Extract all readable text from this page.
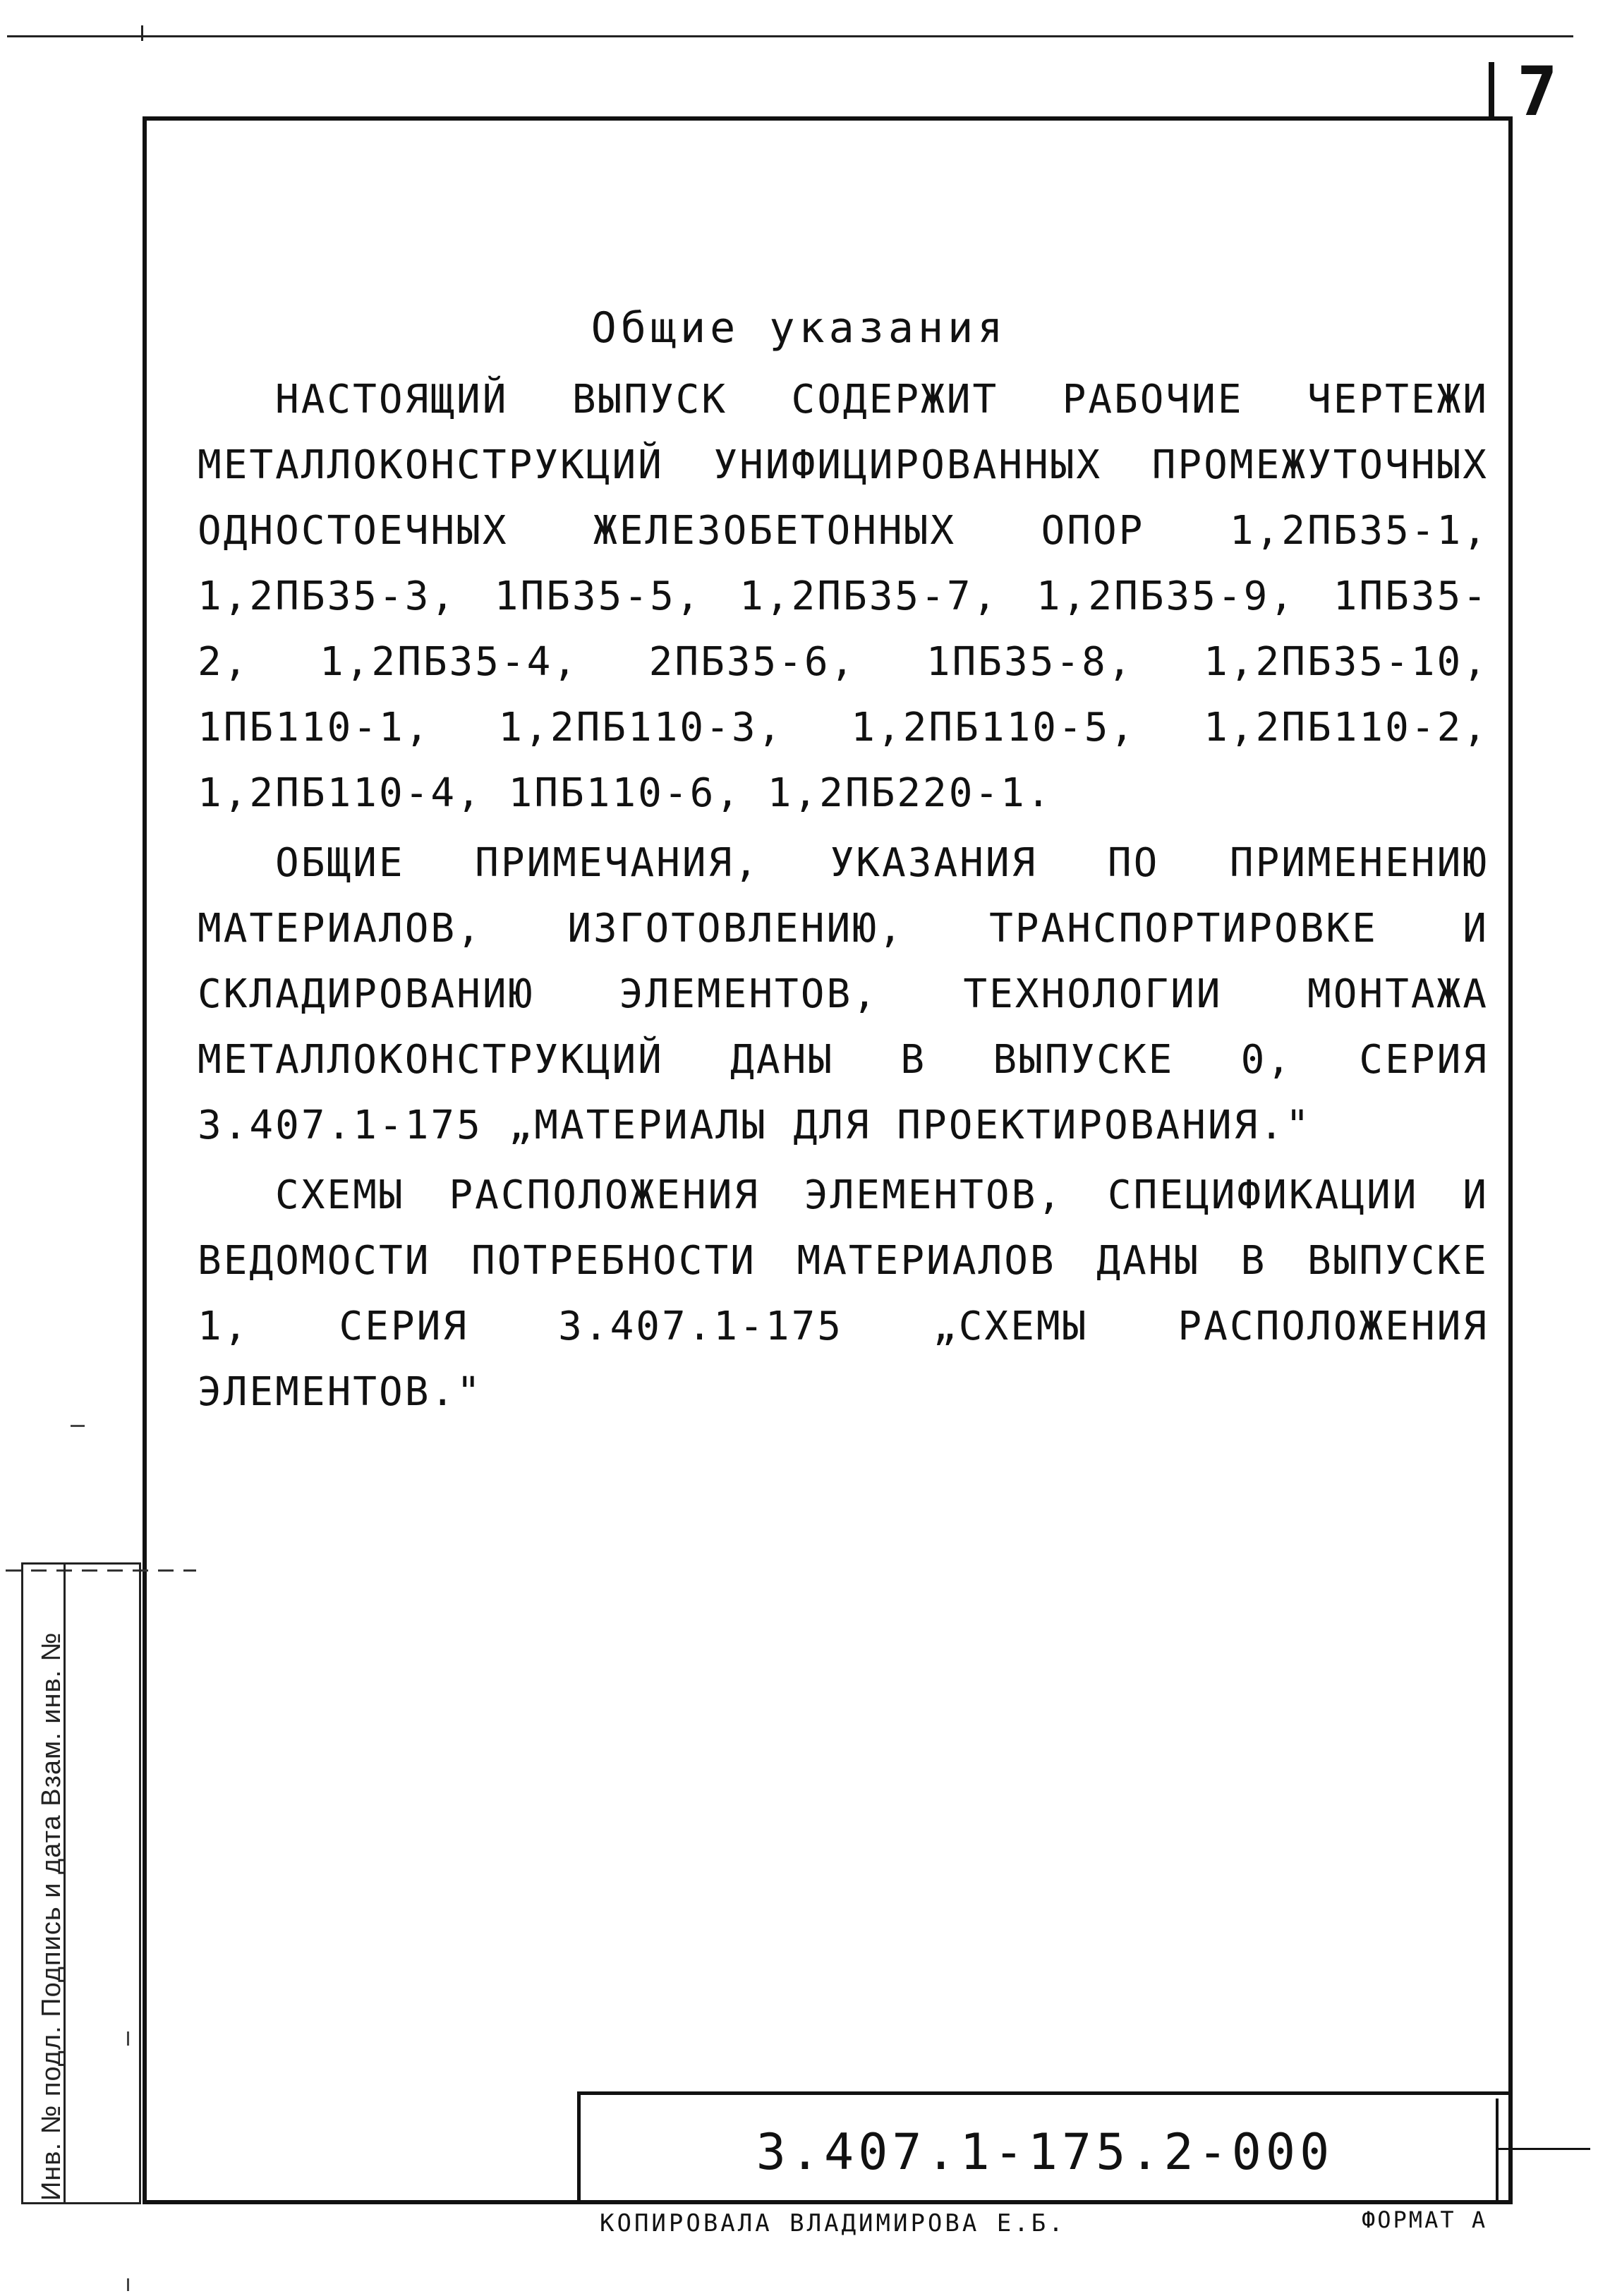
7
Общие указания

НАСТОЯЩИЙ ВЫПУСК СОДЕРЖИТ РАБОЧИЕ ЧЕРТЕЖИ МЕТАЛЛОКОНСТРУКЦИЙ УНИФИЦИРОВАННЫХ ПРОМЕЖУТОЧНЫХ ОДНОСТОЕЧНЫХ ЖЕЛЕЗОБЕТОННЫХ ОПОР 1,2ПБ35-1, 1,2ПБ35-3, 1ПБ35-5, 1,2ПБ35-7, 1,2ПБ35-9, 1ПБ35-2, 1,2ПБ35-4, 2ПБ35-6, 1ПБ35-8, 1,2ПБ35-10, 1ПБ110-1, 1,2ПБ110-3, 1,2ПБ110-5, 1,2ПБ110-2, 1,2ПБ110-4, 1ПБ110-6, 1,2ПБ220-1.

ОБЩИЕ ПРИМЕЧАНИЯ, УКАЗАНИЯ ПО ПРИМЕНЕНИЮ МАТЕРИАЛОВ, ИЗГОТОВЛЕНИЮ, ТРАНСПОРТИРОВКЕ И СКЛАДИРОВАНИЮ ЭЛЕМЕНТОВ, ТЕХНОЛОГИИ МОНТАЖА МЕТАЛЛОКОНСТРУКЦИЙ ДАНЫ В ВЫПУСКЕ 0, СЕРИЯ 3.407.1-175 „МАТЕРИАЛЫ ДЛЯ ПРОЕКТИРОВАНИЯ."

СХЕМЫ РАСПОЛОЖЕНИЯ ЭЛЕМЕНТОВ, СПЕЦИФИКАЦИИ И ВЕДОМОСТИ ПОТРЕБНОСТИ МАТЕРИАЛОВ ДАНЫ В ВЫПУСКЕ 1, СЕРИЯ 3.407.1-175 „СХЕМЫ РАСПОЛОЖЕНИЯ ЭЛЕМЕНТОВ."

Инв. № подл. Подпись и дата Взам. инв. №	3.407.1-175.2-000
КОПИРОВАЛА ВЛАДИМИРОВА Е.Б.	ФОРМАТ А
